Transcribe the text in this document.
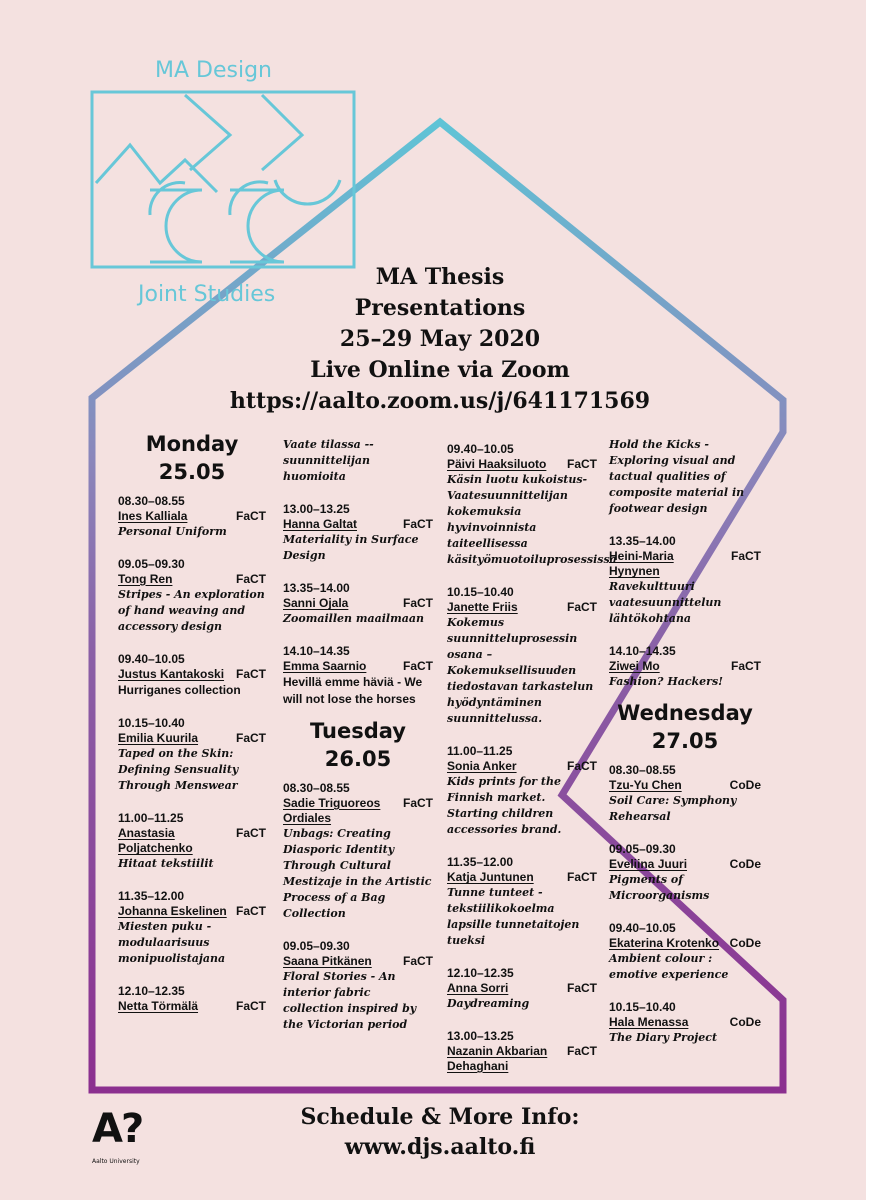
MA Design
Joint Studies
MA Thesis
Presentations
25–29 May 2020
Live Online via Zoom
https://aalto.zoom.us/j/641171569
Monday
25.05
08.30–08.55
Ines Kalliala	FaCT
Personal Uniform
09.05–09.30
Tong Ren	FaCT
Stripes - An exploration of hand weaving and accessory design
09.40–10.05
Justus Kantakoski FaCT
Hurriganes collection
10.15–10.40
Emilia Kuurila	FaCT
Taped on the Skin: Defining Sensuality Through Menswear
11.00–11.25
Anastasia Poljatchenko
FaCT
Hitaat tekstiilit
11.35–12.00
Johanna Eskelinen FaCT
Miesten puku - modulaarisuus monipuolistajana
12.10–12.35
Netta Törmälä	FaCT
Vaate tilassa -- suunnittelijan huomioita
13.00–13.25
Hanna Galtat	FaCT
Materiality in Surface Design
13.35–14.00
Sanni Ojala	FaCT
Zoomaillen maailmaan
14.10–14.35
Emma Saarnio	FaCT
Hevillä emme häviä - We will not lose the horses
Tuesday
26.05
08.30–08.55
Sadie Triguoreos Ordiales
FaCT
Unbags: Creating Diasporic Identity Through Cultural Mestizaje in the Artistic Process of a Bag Collection
09.05–09.30
Saana Pitkänen	FaCT
Floral Stories - An interior fabric collection inspired by the Victorian period
09.40–10.05
Päivi Haaksiluoto	FaCT
Käsin luotu kukoistus-Vaatesuunnittelijan kokemuksia hyvinvoinnista taiteellisessa käsityömuotoiluprosessissa
10.15–10.40
Janette Friis	FaCT
Kokemus suunnitteluprosessin osana – Kokemuksellisuuden tiedostavan tarkastelun hyödyntäminen suunnittelussa.
11.00–11.25
Sonia Anker	FaCT
Kids prints for the Finnish market. Starting children accessories brand.
11.35–12.00
Katja Juntunen	FaCT
Tunne tunteet - tekstiilikokoelma lapsille tunnetaitojen tueksi
12.10–12.35
Anna Sorri	FaCT
Daydreaming
13.00–13.25
Nazanin Akbarian Dehaghani
FaCT
Hold the Kicks - Exploring visual and tactual qualities of composite material in footwear design
13.35–14.00
Heini-Maria Hynynen
FaCT
Ravekulttuuri vaatesuunnittelun lähtökohtana
14.10–14.35
Ziwei Mo	FaCT
Fashion? Hackers!
Wednesday
27.05
08.30–08.55
Tzu-Yu Chen	CoDe
Soil Care: Symphony Rehearsal
09.05–09.30
Eveliina Juuri	CoDe
Pigments of Microorganisms
09.40–10.05
Ekaterina Krotenko CoDe
Ambient colour : emotive experience
10.15–10.40
Hala Menassa	CoDe
The Diary Project
Schedule & More Info:
www.djs.aalto.fi
A?
Aalto University
